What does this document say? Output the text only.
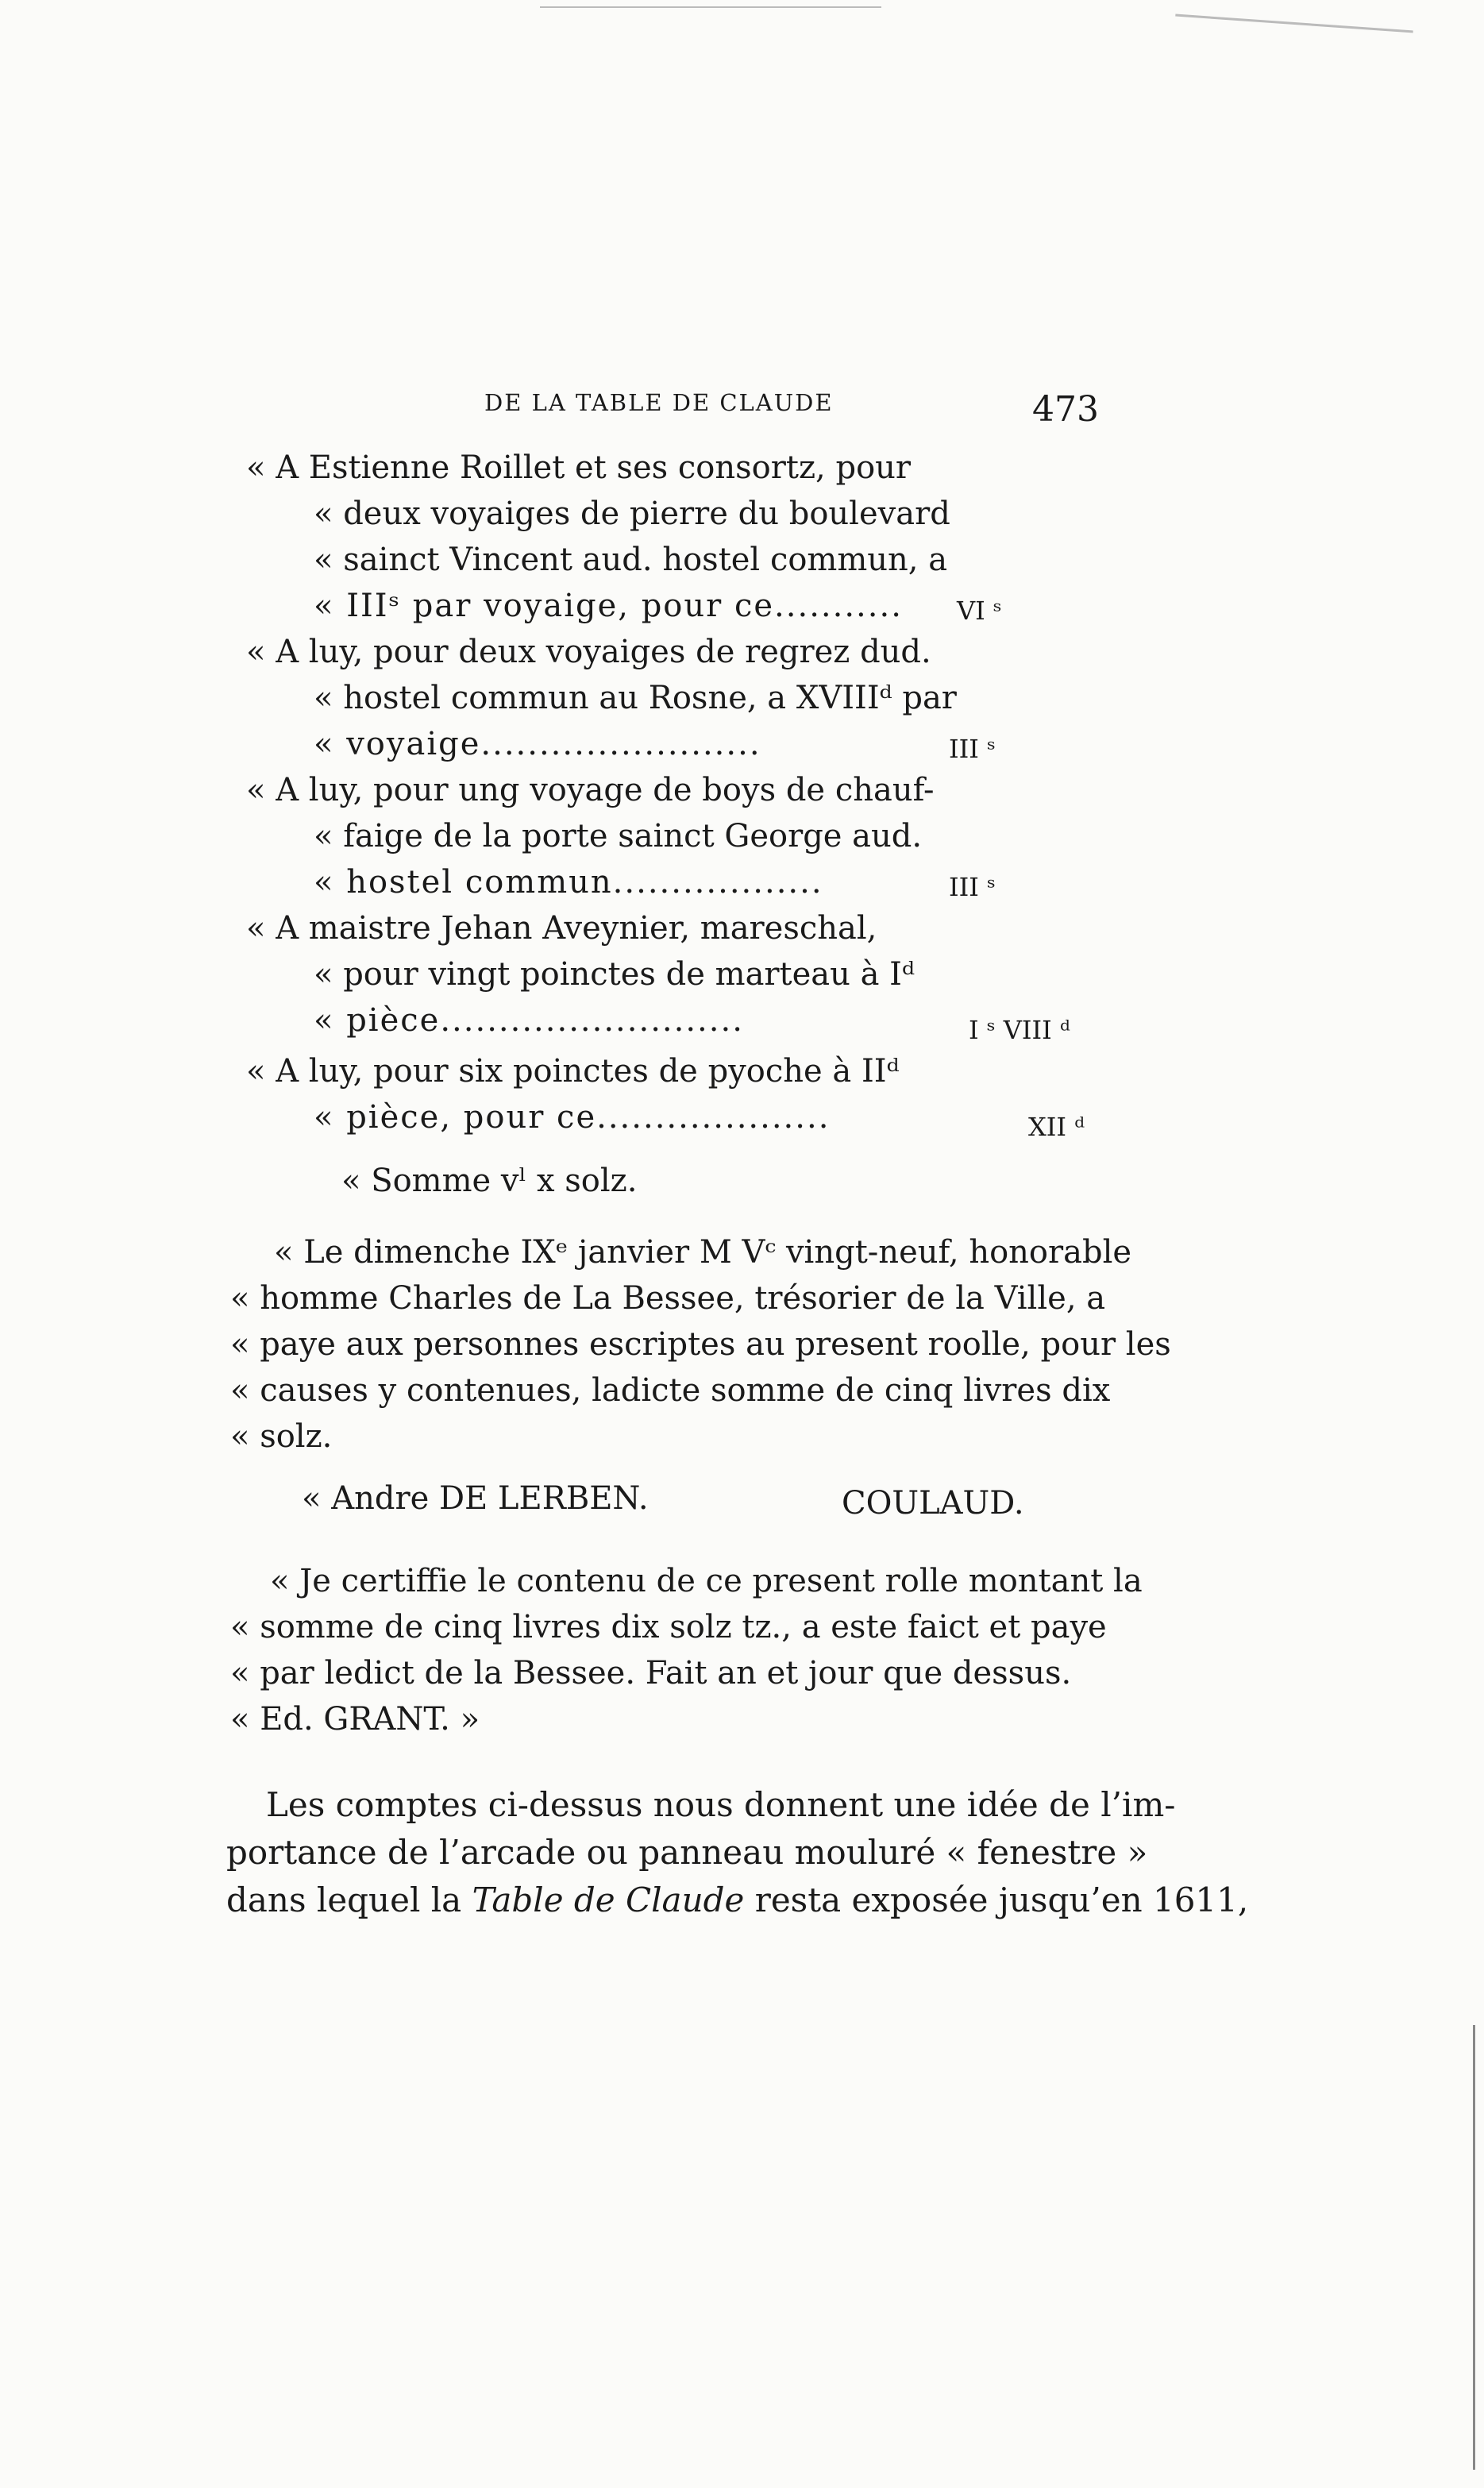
DE LA TABLE DE CLAUDE	473
« A Estienne Roillet et ses consortz, pour
« deux voyaiges de pierre du boulevard
« sainct Vincent aud. hostel commun, a
« IIIˢ par voyaige, pour ce........... VI ˢ
« A luy, pour deux voyaiges de regrez dud.
« hostel commun au Rosne, a XVIIIᵈ par
« voyaige........................	III ˢ
« A luy, pour ung voyage de boys de chauf-
« faige de la porte sainct George aud.
« hostel commun..................	III ˢ
« A maistre Jehan Aveynier, mareschal,
« pour vingt poinctes de marteau à Iᵈ
« pièce..........................	I ˢ VIII ᵈ
« A luy, pour six poinctes de pyoche à IIᵈ
« pièce, pour ce....................	XII ᵈ
« Somme vˡ x solz.
« Le dimenche IXᵉ janvier M Vᶜ vingt-neuf, honorable
« homme Charles de La Bessee, trésorier de la Ville, a
« paye aux personnes escriptes au present roolle, pour les
« causes y contenues, ladicte somme de cinq livres dix
« solz.
« Andre DE LERBEN.	COULAUD.
« Je certiffie le contenu de ce present rolle montant la
« somme de cinq livres dix solz tz., a este faict et paye
« par ledict de la Bessee. Fait an et jour que dessus.
« Ed. GRANT. »
Les comptes ci-dessus nous donnent une idée de l’im-
portance de l’arcade ou panneau mouluré « fenestre »
dans lequel la Table de Claude resta exposée jusqu’en 1611,
